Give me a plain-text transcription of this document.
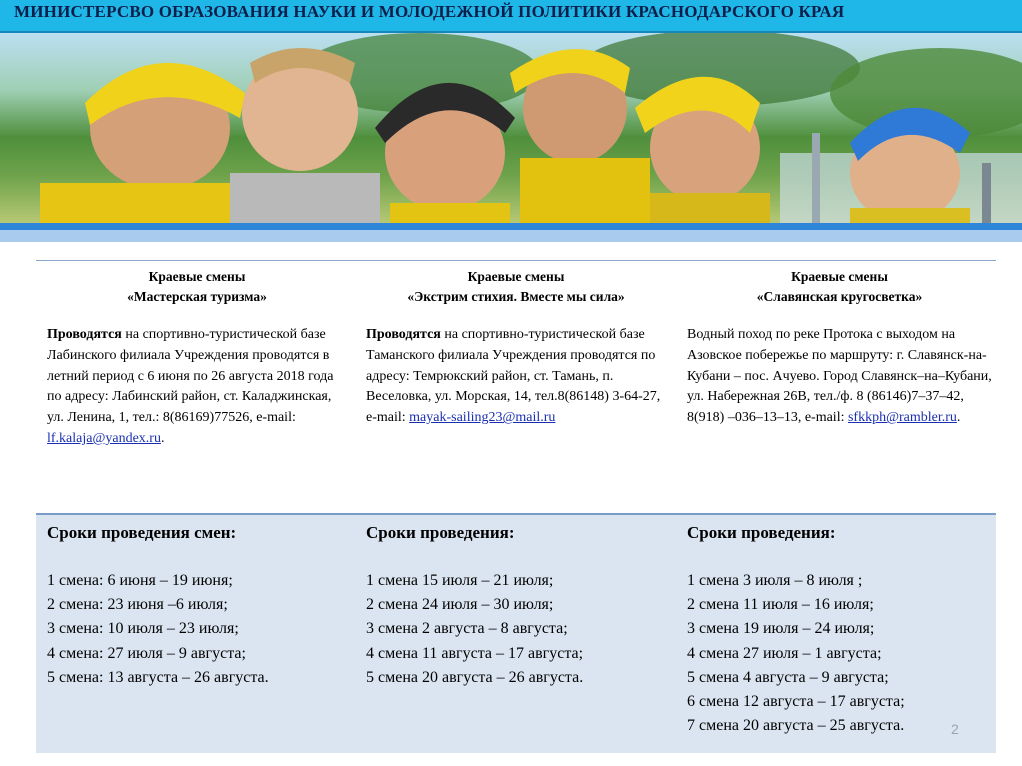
МИНИСТЕРСВО ОБРАЗОВАНИЯ НАУКИ И МОЛОДЕЖНОЙ ПОЛИТИКИ КРАСНОДАРСКОГО КРАЯ
Краевые смены
«Мастерская туризма»
Проводятся на спортивно-туристической базе Лабинского филиала Учреждения проводятся в летний период с 6 июня по 26 августа 2018 года по адресу: Лабинский район, ст. Каладжинская, ул. Ленина, 1, тел.: 8(86169)77526, e-mail: lf.kalaja@yandex.ru.
Краевые смены
«Экстрим стихия. Вместе мы сила»
Проводятся на спортивно-туристической базе Таманского филиала Учреждения проводятся по адресу: Темрюкский район, ст. Тамань, п. Веселовка, ул. Морская, 14, тел.8(86148) 3-64-27, e-mail: mayak-sailing23@mail.ru
Краевые смены
«Славянская кругосветка»
Водный поход по реке Протока с выходом на Азовское побережье по маршруту: г. Славянск-на-Кубани – пос. Ачуево. Город Славянск–на–Кубани, ул. Набережная 26В, тел./ф. 8 (86146)7–37–42, 8(918) –036–13–13, e-mail: sfkkph@rambler.ru.
Сроки проведения смен:
1 смена: 6 июня – 19 июня;
2 смена: 23 июня –6 июля;
3 смена: 10 июля – 23 июля;
4 смена: 27 июля – 9 августа;
5 смена: 13 августа – 26 августа.
Сроки проведения:
1 смена 15 июля – 21 июля;
2 смена 24 июля – 30 июля;
3 смена 2 августа – 8 августа;
4 смена 11 августа – 17 августа;
5 смена 20 августа – 26 августа.
Сроки проведения:
1 смена 3 июля – 8 июля ;
2 смена 11 июля – 16 июля;
3 смена 19 июля – 24 июля;
4 смена 27 июля – 1 августа;
5 смена 4 августа – 9 августа;
6 смена 12 августа – 17 августа;
7 смена 20 августа – 25 августа.	2
